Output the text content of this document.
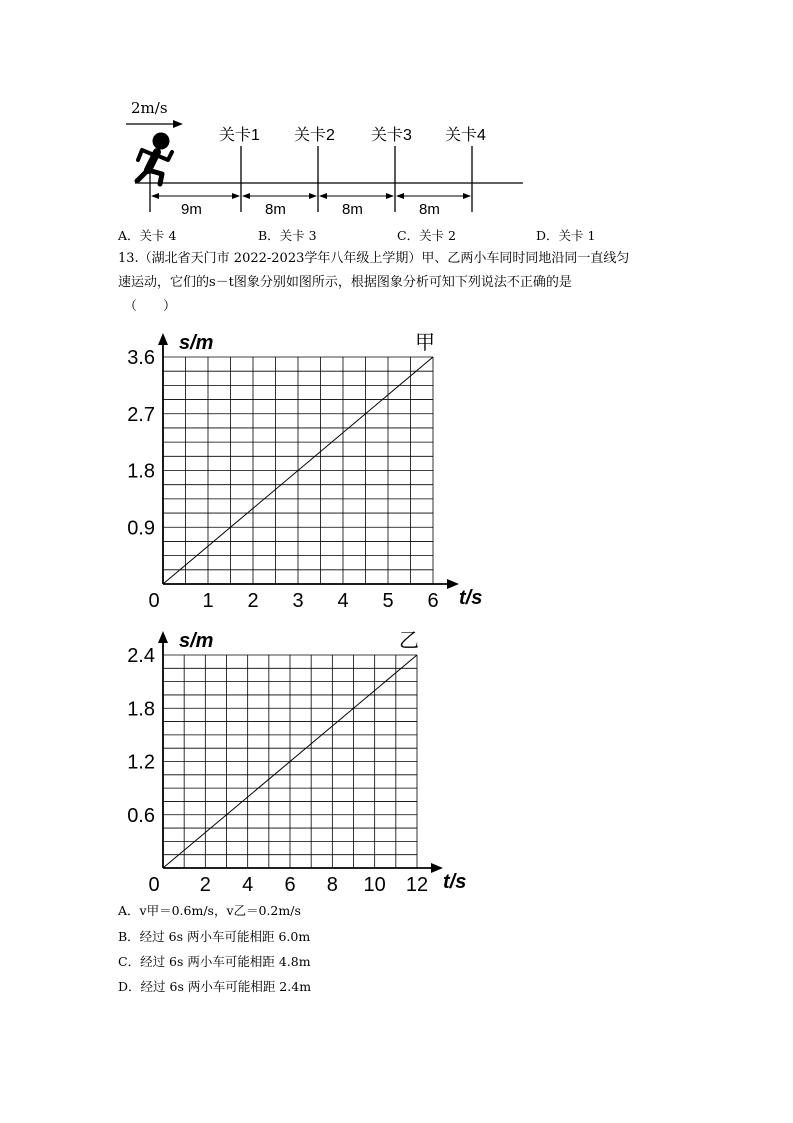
2m/s
关卡1 关卡2 关卡3 关卡4
9m	8m	8m	8m
A．关卡 4	B．关卡 3	C．关卡 2	D．关卡 1
13.（湖北省天门市 2022-2023学年八年级上学期）甲、乙两小车同时同地沿同一直线匀
速运动，它们的s－t图象分别如图所示，根据图象分析可知下列说法不正确的是
（　　）
0 1 2 3 4 5 6
0.9
1.8
2.7
3.6
s/m
t/s
甲
0 2 4 6 8 10 12
0.6
1.2
1.8
2.4
s/m
t/s
乙
A．v甲＝0.6m/s，v乙＝0.2m/s
B．经过 6s 两小车可能相距 6.0m
C．经过 6s 两小车可能相距 4.8m
D．经过 6s 两小车可能相距 2.4m
